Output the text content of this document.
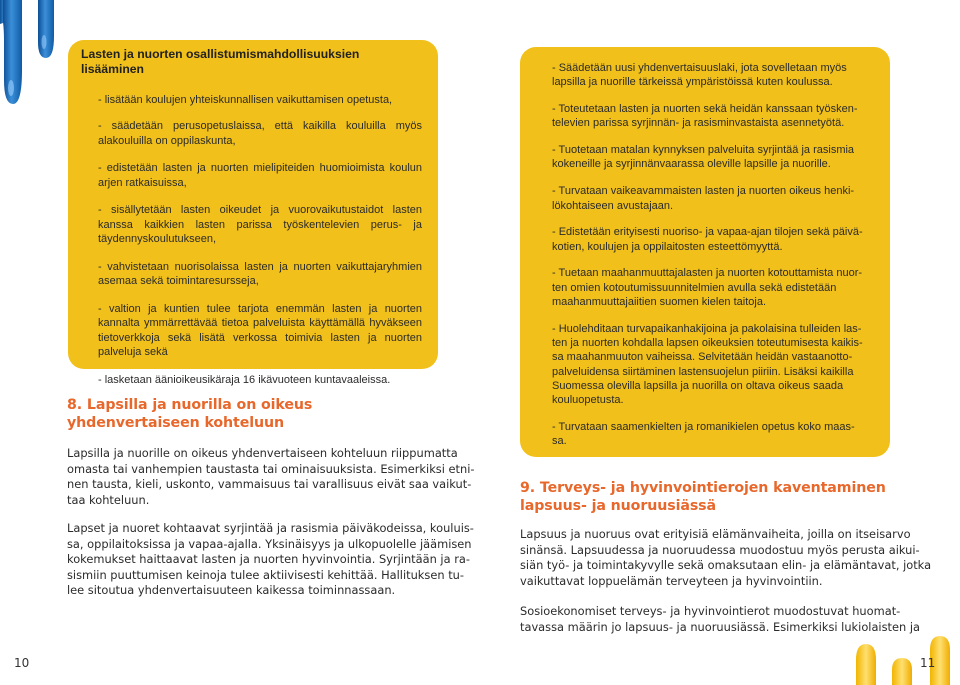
Lasten ja nuorten osallistumismahdollisuuksien lisääminen
- lisätään koulujen yhteiskunnallisen vaikuttamisen opetusta,
- säädetään perusopetuslaissa, että kaikilla kouluilla myös alakouluilla on oppilaskunta,
- edistetään lasten ja nuorten mielipiteiden huomioimista koulun arjen ratkaisuissa,
- sisällytetään lasten oikeudet ja vuorovaikutustaidot lasten kanssa kaikkien lasten parissa työskentelevien perus- ja täydennyskoulutukseen,
- vahvistetaan nuorisolaissa lasten ja nuorten vaikuttajaryhmien asemaa sekä toimintaresursseja,
- valtion ja kuntien tulee tarjota enemmän lasten ja nuorten kannalta ymmärrettävää tietoa palveluista käyttämällä hyväkseen tietoverkkoja sekä lisätä verkossa toimivia lasten ja nuorten palveluja sekä
- lasketaan äänioikeusikäraja 16 ikävuoteen kuntavaaleissa.
8. Lapsilla ja nuorilla on oikeus
yhdenvertaiseen kohteluun
Lapsilla ja nuorille on oikeus yhdenvertaiseen kohteluun riippumatta
omasta tai vanhempien taustasta tai ominaisuuksista. Esimerkiksi etni-
nen tausta, kieli, uskonto, vammaisuus tai varallisuus eivät saa vaikut-
taa kohteluun.
Lapset ja nuoret kohtaavat syrjintää ja rasismia päiväkodeissa, kouluis-
sa, oppilaitoksissa ja vapaa-ajalla. Yksinäisyys ja ulkopuolelle jäämisen
kokemukset haittaavat lasten ja nuorten hyvinvointia. Syrjintään ja ra-
sismiin puuttumisen keinoja tulee aktiivisesti kehittää. Hallituksen tu-
lee sitoutua yhdenvertaisuuteen kaikessa toiminnassaan.
- Säädetään uusi yhdenvertaisuuslaki, jota sovelletaan myös
lapsilla ja nuorille tärkeissä ympäristöissä kuten koulussa.
- Toteutetaan lasten ja nuorten sekä heidän kanssaan työsken-
televien parissa syrjinnän- ja rasisminvastaista asennetyötä.
- Tuotetaan matalan kynnyksen palveluita syrjintää ja rasismia
kokeneille ja syrjinnänvaarassa oleville lapsille ja nuorille.
- Turvataan vaikeavammaisten lasten ja nuorten oikeus henki-
lökohtaiseen avustajaan.
- Edistetään erityisesti nuoriso- ja vapaa-ajan tilojen sekä päivä-
kotien, koulujen ja oppilaitosten esteettömyyttä.
- Tuetaan maahanmuuttajalasten ja nuorten kotouttamista nuor-
ten omien kotoutumissuunnitelmien avulla sekä edistetään
maahanmuuttajaiitien suomen kielen taitoja.
- Huolehditaan turvapaikanhakijoina ja pakolaisina tulleiden las-
ten ja nuorten kohdalla lapsen oikeuksien toteutumisesta kaikis-
sa maahanmuuton vaiheissa. Selvitetään heidän vastaanotto-
palveluidensa siirtäminen lastensuojelun piiriin. Lisäksi kaikilla
Suomessa olevilla lapsilla ja nuorilla on oltava oikeus saada
kouluopetusta.
- Turvataan saamenkielten ja romanikielen opetus koko maas-
sa.
9. Terveys- ja hyvinvointierojen kaventaminen
lapsuus- ja nuoruusiässä
Lapsuus ja nuoruus ovat erityisiä elämänvaiheita, joilla on itseisarvo
sinänsä. Lapsuudessa ja nuoruudessa muodostuu myös perusta aikui-
siän työ- ja toimintakyvylle sekä omaksutaan elin- ja elämäntavat, jotka
vaikuttavat loppuelämän terveyteen ja hyvinvointiin.
Sosioekonomiset terveys- ja hyvinvointierot muodostuvat huomat-
tavassa määrin jo lapsuus- ja nuoruusiässä. Esimerkiksi lukiolaisten ja
10	11
